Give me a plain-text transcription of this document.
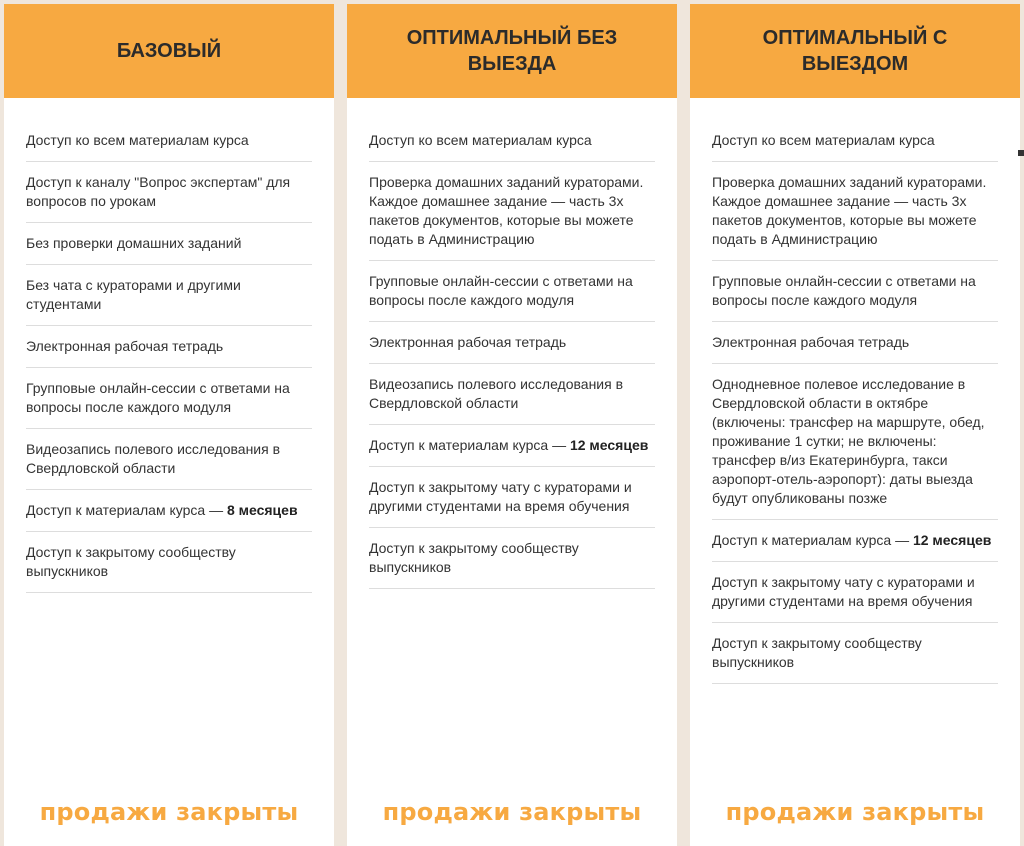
БАЗОВЫЙ
Доступ ко всем материалам курса
Доступ к каналу "Вопрос экспертам" для вопросов по урокам
Без проверки домашних заданий
Без чата с кураторами и другими студентами
Электронная рабочая тетрадь
Групповые онлайн-сессии с ответами на вопросы после каждого модуля
Видеозапись полевого исследования в Свердловской области
Доступ к материалам курса — 8 месяцев
Доступ к закрытому сообществу выпускников
продажи закрыты
ОПТИМАЛЬНЫЙ БЕЗ ВЫЕЗДА
Доступ ко всем материалам курса
Проверка домашних заданий кураторами. Каждое домашнее задание — часть 3х пакетов документов, которые вы можете подать в Администрацию
Групповые онлайн-сессии с ответами на вопросы после каждого модуля
Электронная рабочая тетрадь
Видеозапись полевого исследования в Свердловской области
Доступ к материалам курса — 12 месяцев
Доступ к закрытому чату с кураторами и другими студентами на время обучения
Доступ к закрытому сообществу выпускников
продажи закрыты
ОПТИМАЛЬНЫЙ С ВЫЕЗДОМ
Доступ ко всем материалам курса
Проверка домашних заданий кураторами. Каждое домашнее задание — часть 3х пакетов документов, которые вы можете подать в Администрацию
Групповые онлайн-сессии с ответами на вопросы после каждого модуля
Электронная рабочая тетрадь
Однодневное полевое исследование в Свердловской области в октябре (включены: трансфер на маршруте, обед, проживание 1 сутки; не включены: трансфер в/из Екатеринбурга, такси аэропорт-отель-аэропорт): даты выезда будут опубликованы позже
Доступ к материалам курса — 12 месяцев
Доступ к закрытому чату с кураторами и другими студентами на время обучения
Доступ к закрытому сообществу выпускников
продажи закрыты
